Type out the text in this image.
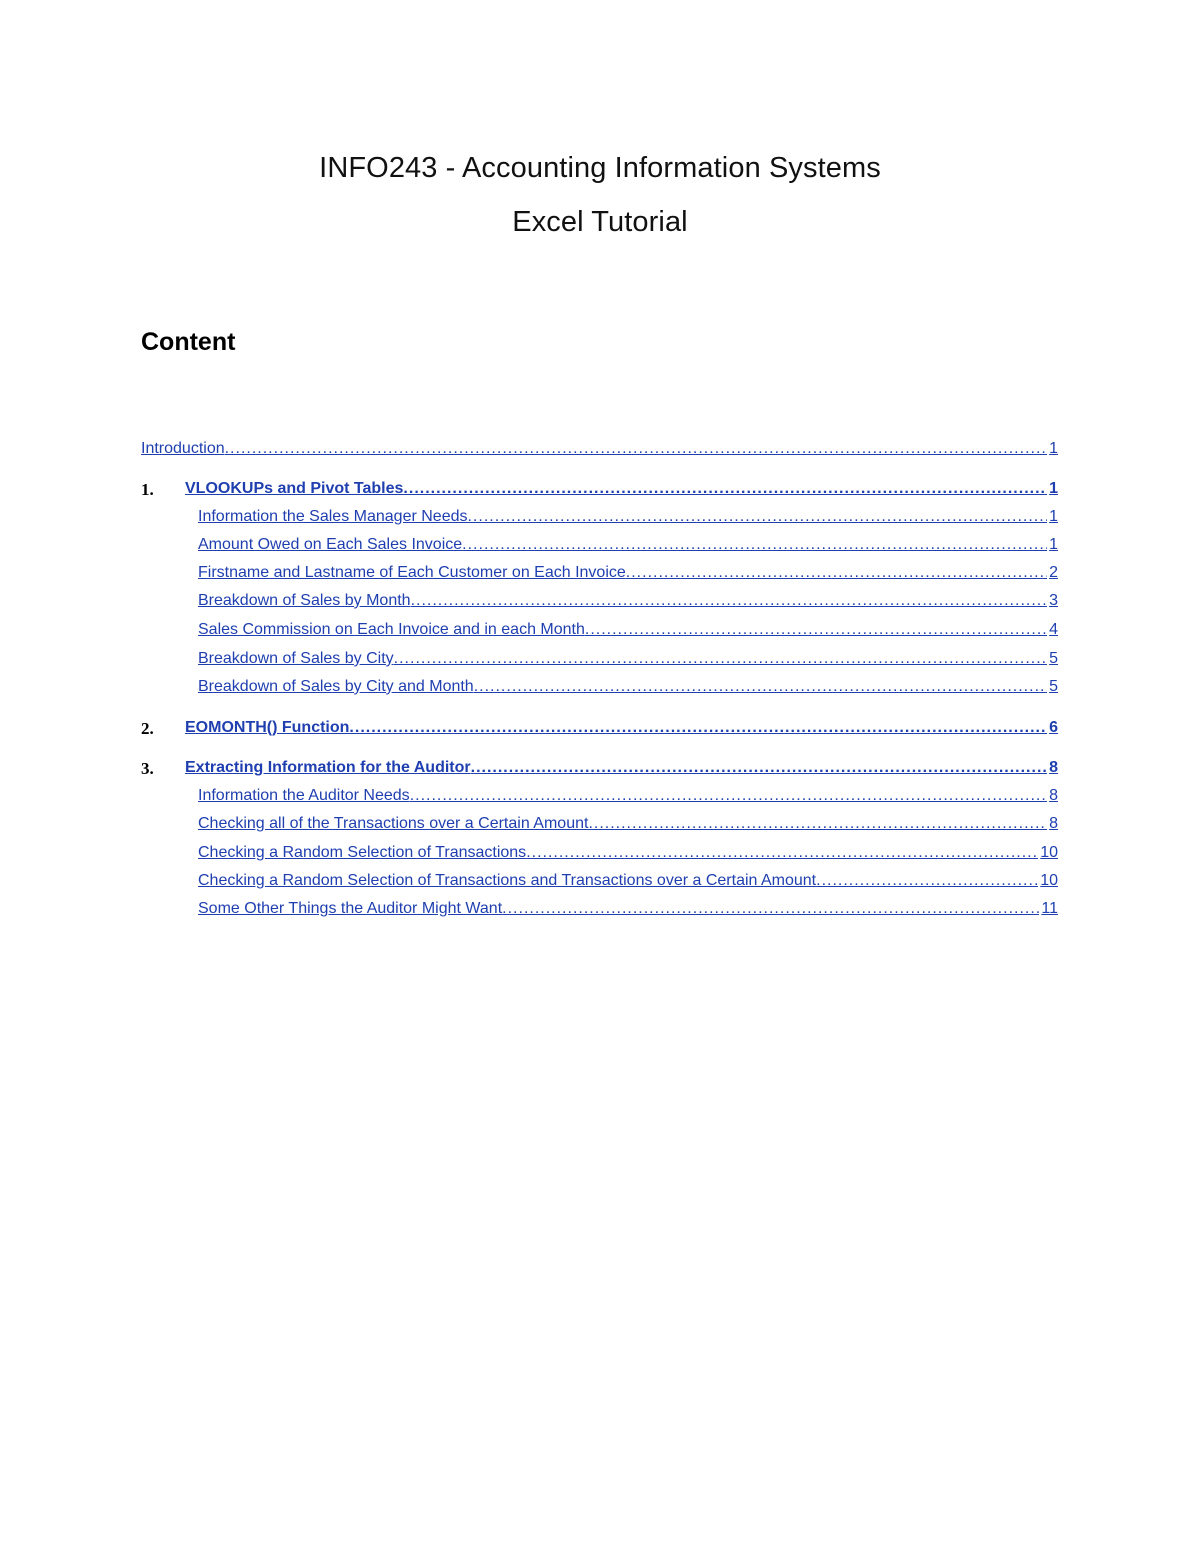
INFO243 - Accounting Information Systems
Excel Tutorial
Content
Introduction .....	1
1. VLOOKUPs and Pivot Tables .....	1
Information the Sales Manager Needs .....	1
Amount Owed on Each Sales Invoice .....	1
Firstname and Lastname of Each Customer on Each Invoice .....	2
Breakdown of Sales by Month .....	3
Sales Commission on Each Invoice and in each Month .....	4
Breakdown of Sales by City .....	5
Breakdown of Sales by City and Month .....	5
2. EOMONTH() Function .....	6
3. Extracting Information for the Auditor .....	8
Information the Auditor Needs .....	8
Checking all of the Transactions over a Certain Amount .....	8
Checking a Random Selection of Transactions .....	10
Checking a Random Selection of Transactions and Transactions over a Certain Amount .....	10
Some Other Things the Auditor Might Want .....	11
